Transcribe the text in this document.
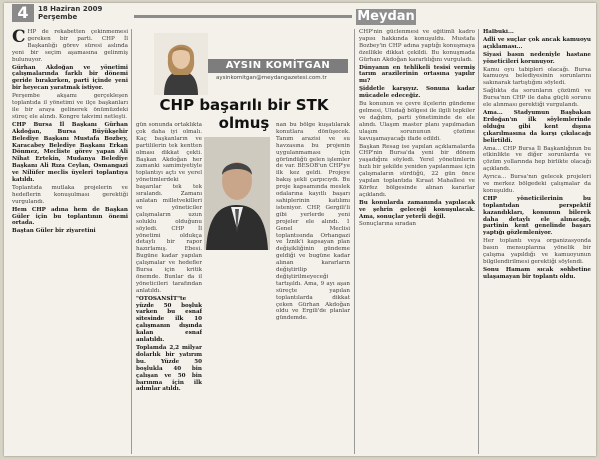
4	18 Haziran 2009
Perşembe	Meydan

CHP de rekabetten çekinmemesi gereken bir parti. CHP İl Başkanlığı görev süresi aslında yeni bir seçim aşamasına gelinmiş bulunuyor.

Gürhan Akdoğan ve yönetimi çalışmalarında farklı bir dönemi geride bırakırken, parti içinde yeni bir heyecan yaratmak istiyor.

Perşembe akşamı gerçekleşen toplantıda il yönetimi ve ilçe başkanları ile bir araya gelinerek önümüzdeki süreç ele alındı. Kongre takvimi netleşti.

CHP Bursa İl Başkanı Gürhan Akdoğan, Bursa Büyükşehir Belediye Başkanı Mustafa Bozbey, Karacabey Belediye Başkanı Erkan Dönmez, Mecliste görev yapan Ali Nihat Ertekin, Mudanya Belediye Başkanı Ali Rıza Ceylan, Osmangazi ve Nilüfer meclis üyeleri toplantıya katıldı.

Toplantıda mutlaka projelerin ve hedeflerin konuşulması gerektiği vurgulandı.

Hem CHP adına hem de Başkan Güler için bu toplantının önemi ortada.

Baştan Güler bir ziyaretini

AYSIN KOMİTGAN
aysinkomitgan@meydangazetesi.com.tr
CHP başarılı bir STK olmuş

gün sonunda ortaklıkta çok daha iyi olmalı. Kaç başkanların ve partililerin tek kentten olması dikkat çekti. Başkan Akdoğan her zamanki samimiyetiyle toplantıyı açtı ve yerel yönetimlerdeki başarılar tek tek sıralandı. Zamanı anlatan milletvekilleri ve yöneticiler çalışmaların uzun soluklu olduğunu söyledi. CHP İl yönetimi oldukça detaylı bir rapor hazırlamış. Ebesi. Bugüne kadar yapılan çalışmalar ve hedefler Bursa için kritik önemde. Bunlar da il yöneticileri tarafından anlatıldı.

"OTOSANSİT"te yüzde 50 boşluk varken bu esnaf sitesinde ilk 10 çalışmanın dışında kalan esnaf anlatıldı.

Toplamda 2,2 milyar dolarlık bir yatırım bu. Yüzde 50 boşlukla 40 bin çalışan ve 50 bin barınma için ilk adımlar atıldı.

nan bu bölge kuşatılarak konutlara dönüşecek. Tanım arazisi ve su havzasına bu projenin uygulanmaması için göründüğü gelen işlemler de var. BESOB'un CHP'ye ilk kez geldi. Projeye bakış şekli çarpıcıydı. Bu proje kapsamında meslek odalarına kayıtlı başarı sahiplerinin katılımı isteniyor. CHP, Gergili'li gibi yerlerde yeni projeler ele alındı. 1 Genel Meclisi toplantısında Orhangazi ve İznik'i kapsayan plan değişikliğinin gündeme geldiği ve bugüne kadar alınan kararların değiştirilip değiştirilmeyeceği tartışıldı. Ama, 9 ayı aşan süreçte yapılan toplantılarda dikkat çeken Gürhan Akdoğan oldu ve Ergili'de planlar gündemde.

CHP'nin güclenmesi ve eğitimli kadro yapısı hakkında konuşuldu. Mustafa Bozbey'in CHP adına yaptığı konuşmaya özellikle dikkat çekildi. Bu konuşmada Gürhan Akdoğan kararlılığını vurguladı.

Dünyanın en tehlikeli tesisi vermiş tarım arazilerinin ortasına yapılır mı?

Şiddetle karşıyız. Sonuna kadar mücadele edeceğiz.

Bu konunun ve çevre ilçelerin gündeme gelmesi, Uludağ bölgesi ile ilgili tepkiler ve dağılım, parti yönetiminde de ele alındı. Ulaşım master planı yapılmadan ulaşım sorununun çözüme kavuşamayacağı ifade edildi.

Başkan Resag ise yapılan açıklamalarda CHP'nin Bursa'da yeni bir dönem yaşadığını söyledi. Yerel yönetimlerin hızlı bir şekilde yeniden yapılanması için çalışmaların sürdüğü, 22 gün önce yapılan toplantıda Kıraat Mahallesi ve Körfez bölgesinde alınan kararlar açıklandı.

Bu konularda zamanında yapılacak ve şehrin geleceği konuşulacak. Ama, sonuçlar yeterli değil.

Sonuçlarına sıradan

Halbuki...

Adli ve suçlar çok ancak kamuoyu açıklaması...

Siyasi basın nedeniyle hastane yöneticileri korunuyor.

Kamu oyu tabipleri olacağı. Bursa kamuoyu belediyesinin sorunlarını sakınarak tartıştığını söyledi.

Sağlıkta da sorunların çözümü ve Bursa'nın CHP ile daha güçlü sorunu ele alınması gerektiği vurgulandı.

Ama... Stadyumun Başbakan Erdoğan'ın ilk söylemlerinde olduğu gibi kent dışına çıkarılmasına da karşı çıkılacağı belirtildi.

Ama... CHP Bursa İl Başkanlığının bu etkinlikte ve diğer sorunlarda ve çözüm yollarında hep birlikte olacağı açıklandı.

Ayrıca... Bursa'nın gelecek projeleri ve merkez bölgedeki çalışmalar da konuşuldu.

CHP yöneticilerinin bu toplantıdan perspektif kazandıkları, konunun bilerek daha detaylı ele alınacağı, partinin kent genelinde başarı yaptığı gözlemleniyor.

Her toplantı veya organizasyonda basın mensuplarına yönelik bir çalışma yapıldığı ve kamuoyunun bilgilendirilmesi gerektiği söylendi.

Sonu Hamam sıcak sohbetine ulaşamayan bir toplantı oldu.
